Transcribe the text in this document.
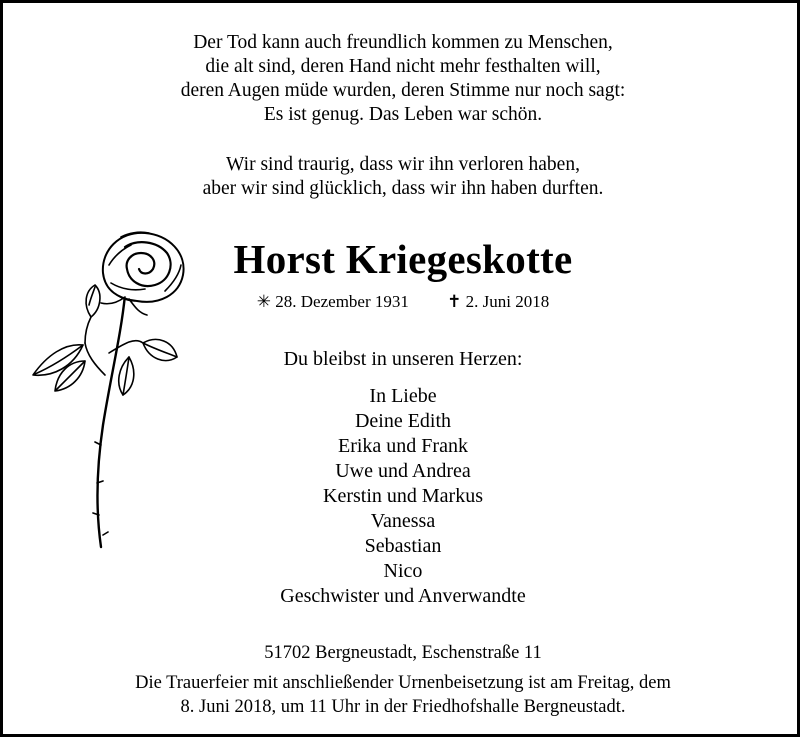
Der Tod kann auch freundlich kommen zu Menschen,
die alt sind, deren Hand nicht mehr festhalten will,
deren Augen müde wurden, deren Stimme nur noch sagt:
Es ist genug. Das Leben war schön.
Wir sind traurig, dass wir ihn verloren haben,
aber wir sind glücklich, dass wir ihn haben durften.
Horst Kriegeskotte
✳ 28. Dezember 1931 ✝ 2. Juni 2018
Du bleibst in unseren Herzen:
In Liebe
Deine Edith
Erika und Frank
Uwe und Andrea
Kerstin und Markus
Vanessa
Sebastian
Nico
Geschwister und Anverwandte
51702 Bergneustadt, Eschenstraße 11
Die Trauerfeier mit anschließender Urnenbeisetzung ist am Freitag, dem
8. Juni 2018, um 11 Uhr in der Friedhofshalle Bergneustadt.
